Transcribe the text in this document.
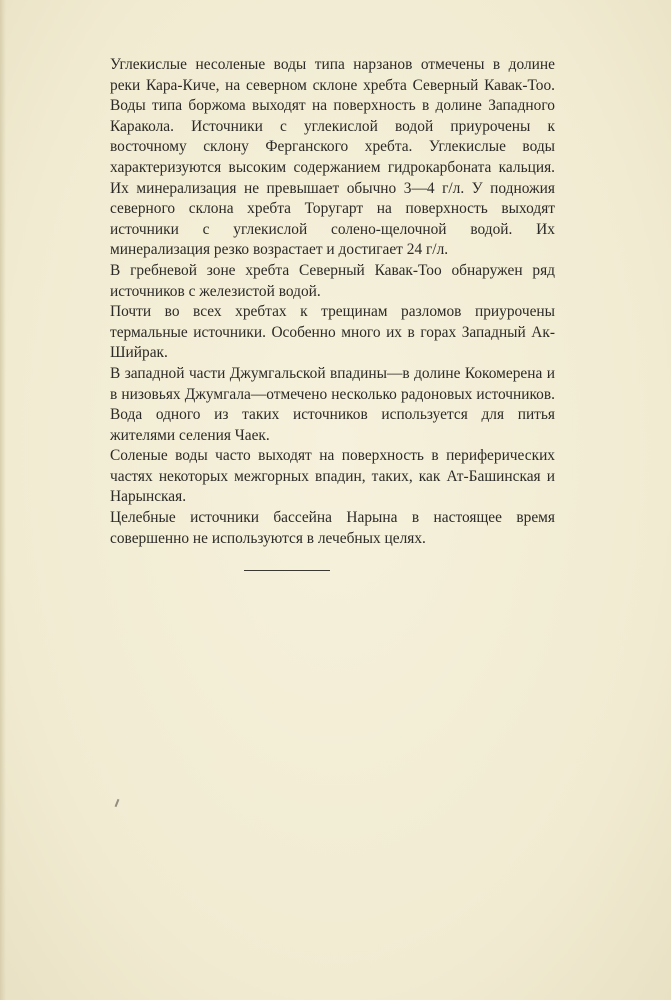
Углекислые несоленые воды типа нарзанов отмечены в долине реки Кара-Киче, на северном склоне хребта Северный Кавак-Тоо. Воды типа боржома выходят на поверхность в долине Западного Каракола. Источники с углекислой водой приурочены к восточному склону Ферганского хребта. Углекислые воды характеризуются высоким содержанием гидрокарбоната кальция. Их минерализация не превышает обычно 3—4 г/л. У подножия северного склона хребта Торугарт на поверхность выходят источники с углекислой солено-щелочной водой. Их минерализация резко возрастает и достигает 24 г/л.

В гребневой зоне хребта Северный Кавак-Тоо обнаружен ряд источников с железистой водой.

Почти во всех хребтах к трещинам разломов приурочены термальные источники. Особенно много их в горах Западный Ак-Шийрак.

В западной части Джумгальской впадины—в долине Кокомерена и в низовьях Джумгала—отмечено несколько радоновых источников. Вода одного из таких источников используется для питья жителями селения Чаек.

Соленые воды часто выходят на поверхность в периферических частях некоторых межгорных впадин, таких, как Ат-Башинская и Нарынская.

Целебные источники бассейна Нарына в настоящее время совершенно не используются в лечебных целях.
